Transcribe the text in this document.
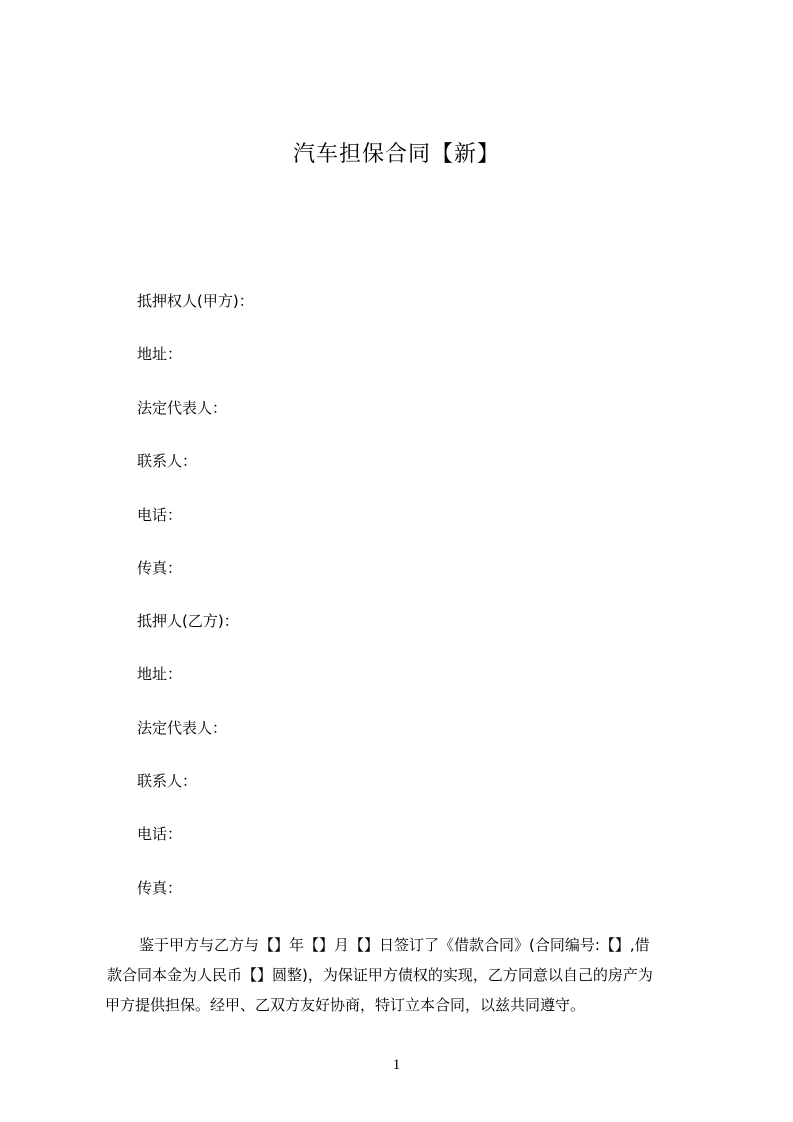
汽车担保合同【新】
抵押权人(甲方)：
地址：
法定代表人：
联系人：
电话：
传真：
抵押人(乙方)：
地址：
法定代表人：
联系人：
电话：
传真：
鉴于甲方与乙方与【】年【】月【】日签订了《借款合同》(合同编号:【】,借
款合同本金为人民币【】圆整)，为保证甲方债权的实现，乙方同意以自己的房产为
甲方提供担保。经甲、乙双方友好协商，特订立本合同，以兹共同遵守。
1
